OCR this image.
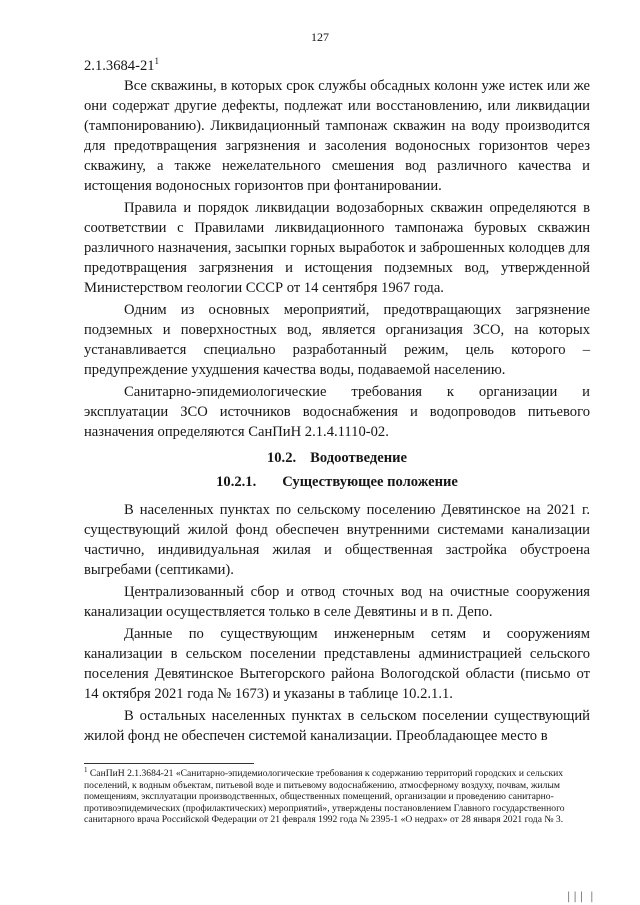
127

2.1.3684-21$^1$

Все скважины, в которых срок службы обсадных колонн уже истек или же они содержат другие дефекты, подлежат или восстановлению, или ликвидации (тампонированию). Ликвидационный тампонаж скважин на воду производится для предотвращения загрязнения и засоления водоносных горизонтов через скважину, а также нежелательного смешения вод различного качества и истощения водоносных горизонтов при фонтанировании.

Правила и порядок ликвидации водозаборных скважин определяются в соответствии с Правилами ликвидационного тампонажа буровых скважин различного назначения, засыпки горных выработок и заброшенных колодцев для предотвращения загрязнения и истощения подземных вод, утвержденной Министерством геологии СССР от 14 сентября 1967 года.

Одним из основных мероприятий, предотвращающих загрязнение подземных и поверхностных вод, является организация ЗСО, на которых устанавливается специально разработанный режим, цель которого – предупреждение ухудшения качества воды, подаваемой населению.

Санитарно-эпидемиологические требования к организации и эксплуатации ЗСО источников водоснабжения и водопроводов питьевого назначения определяются СанПиН 2.1.4.1110-02.

10.2. Водоотведение
10.2.1. Существующее положение

В населенных пунктах по сельскому поселению Девятинское на 2021 г. существующий жилой фонд обеспечен внутренними системами канализации частично, индивидуальная жилая и общественная застройка обустроена выгребами (септиками).

Централизованный сбор и отвод сточных вод на очистные сооружения канализации осуществляется только в селе Девятины и в п. Депо.

Данные по существующим инженерным сетям и сооружениям канализации в сельском поселении представлены администрацией сельского поселения Девятинское Вытегорского района Вологодской области (письмо от 14 октября 2021 года № 1673) и указаны в таблице 10.2.1.1.

В остальных населенных пунктах в сельском поселении существующий жилой фонд не обеспечен системой канализации. Преобладающее место в

$^1$ СанПиН 2.1.3684-21 «Санитарно-эпидемиологические требования к содержанию территорий городских и сельских поселений, к водным объектам, питьевой воде и питьевому водоснабжению, атмосферному воздуху, почвам, жилым помещениям, эксплуатации производственных, общественных помещений, организации и проведению санитарно-противоэпидемических (профилактических) мероприятий», утверждены постановлением Главного государственного санитарного врача Российской Федерации от 21 февраля 1992 года № 2395-1 «О недрах» от 28 января 2021 года № 3.
│││ │
